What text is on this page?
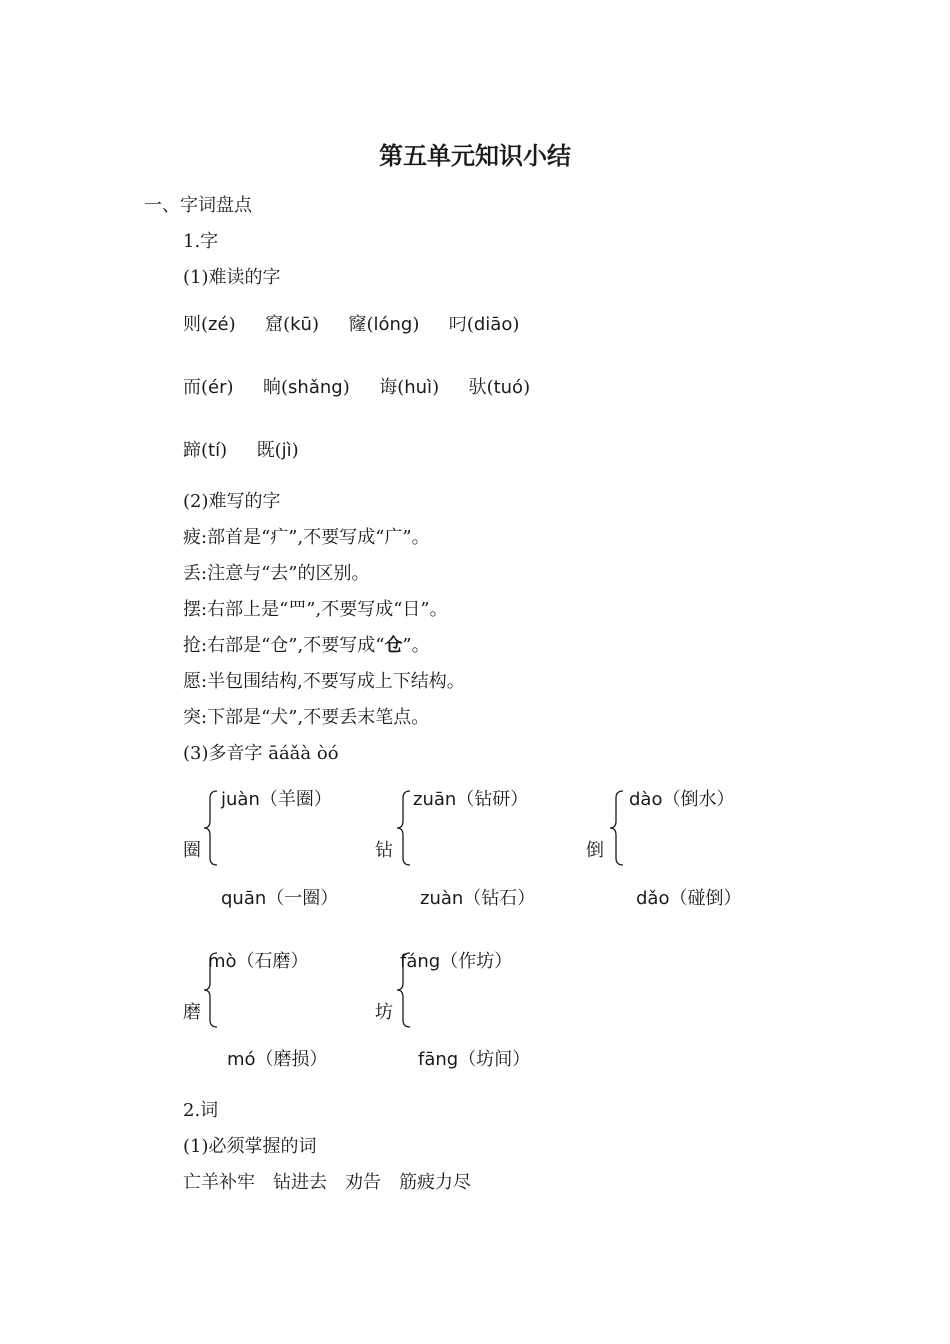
第五单元知识小结
一、字词盘点
1.字
(1)难读的字
则(zé) 窟(kū) 窿(lóng) 叼(diāo)
而(ér) 晌(shǎng) 诲(huì) 驮(tuó)
蹄(tí) 既(jì)
(2)难写的字
疲:部首是“疒”,不要写成“广”。
丢:注意与“去”的区别。
摆:右部上是“罒”,不要写成“日”。
抢:右部是“仓”,不要写成“仓”。
愿:半包围结构,不要写成上下结构。
突:下部是“犬”,不要丢末笔点。
(3)多音字 āáǎà òó
圈
juàn（羊圈）
quān（一圈）
钻
zuān（钻研）
zuàn（钻石）
倒
dào（倒水）
dǎo（碰倒）
磨
mò（石磨）
mó（磨损）
坊
fáng（作坊）
fāng（坊间）
2.词
(1)必须掌握的词
亡羊补牢　钻进去　劝告　筋疲力尽
